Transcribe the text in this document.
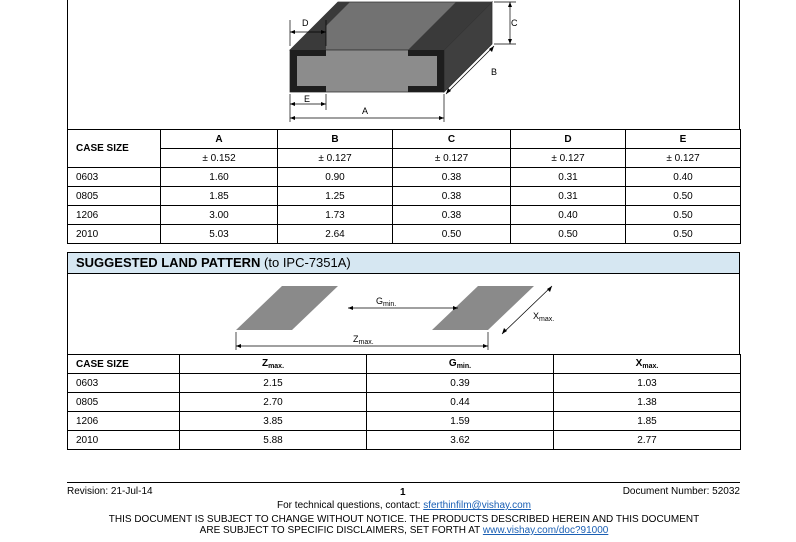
D	C
B
E
A
CASE SIZE	A	B	C	D	E
	± 0.152	± 0.127	± 0.127	± 0.127	± 0.127
0603	1.60	0.90	0.38	0.31	0.40
0805	1.85	1.25	0.38	0.31	0.50
1206	3.00	1.73	0.38	0.40	0.50
2010	5.03	2.64	0.50	0.50	0.50
SUGGESTED LAND PATTERN (to IPC-7351A)
$G_{min.}$
$X_{max.}$
$Z_{max.}$
CASE SIZE	$Z_{max.}$	$G_{min.}$	$X_{max.}$
0603	2.15	0.39	1.03
0805	2.70	0.44	1.38
1206	3.85	1.59	1.85
2010	5.88	3.62	2.77
Revision: 21-Jul-14	1	Document Number: 52032
For technical questions, contact: sferthinfilm@vishay.com
THIS DOCUMENT IS SUBJECT TO CHANGE WITHOUT NOTICE. THE PRODUCTS DESCRIBED HEREIN AND THIS DOCUMENT
ARE SUBJECT TO SPECIFIC DISCLAIMERS, SET FORTH AT www.vishay.com/doc?91000
